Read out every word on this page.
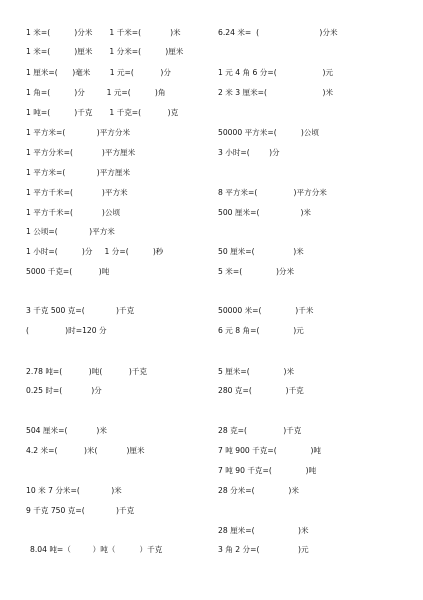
1 米=(          )分米       1 千米=(            )米
1 米=(          )厘米       1 分米=(          )厘米
1 厘米=(      )毫米        1 元=(           )分
1 角=(          )分         1 元=(          )角
1 吨=(          )千克       1 千克=(           )克
1 平方米=(             )平方分米
1 平方分米=(            )平方厘米
1 平方米=(             )平方厘米
1 平方千米=(            )平方米
1 平方千米=(            )公顷
1 公顷=(             )平方米
1 小时=(          )分     1 分=(          )秒
5000 千克=(           )吨
3 千克 500 克=(             )千克
(               )时=120 分
2.78 吨=(           )吨(           )千克
0.25 时=(            )分
504 厘米=(            )米
4.2 米=(           )米(            )厘米
10 米 7 分米=(             )米
9 千克 750 克=(             )千克
8.04 吨=（         ）吨（          ）千克
6.24 米=  (                         )分米
1 元 4 角 6 分=(                   )元
2 米 3 厘米=(                       )米
50000 平方米=(          )公顷
3 小时=(        )分
8 平方米=(               )平方分米
500 厘米=(                 )米
50 厘米=(                )米
5 米=(              )分米
50000 米=(              )千米
6 元 8 角=(              )元
5 厘米=(              )米
280 克=(              )千克
28 克=(               )千克
7 吨 900 千克=(              )吨
7 吨 90 千克=(              )吨
28 分米=(              )米
28 厘米=(                  )米
3 角 2 分=(                )元
